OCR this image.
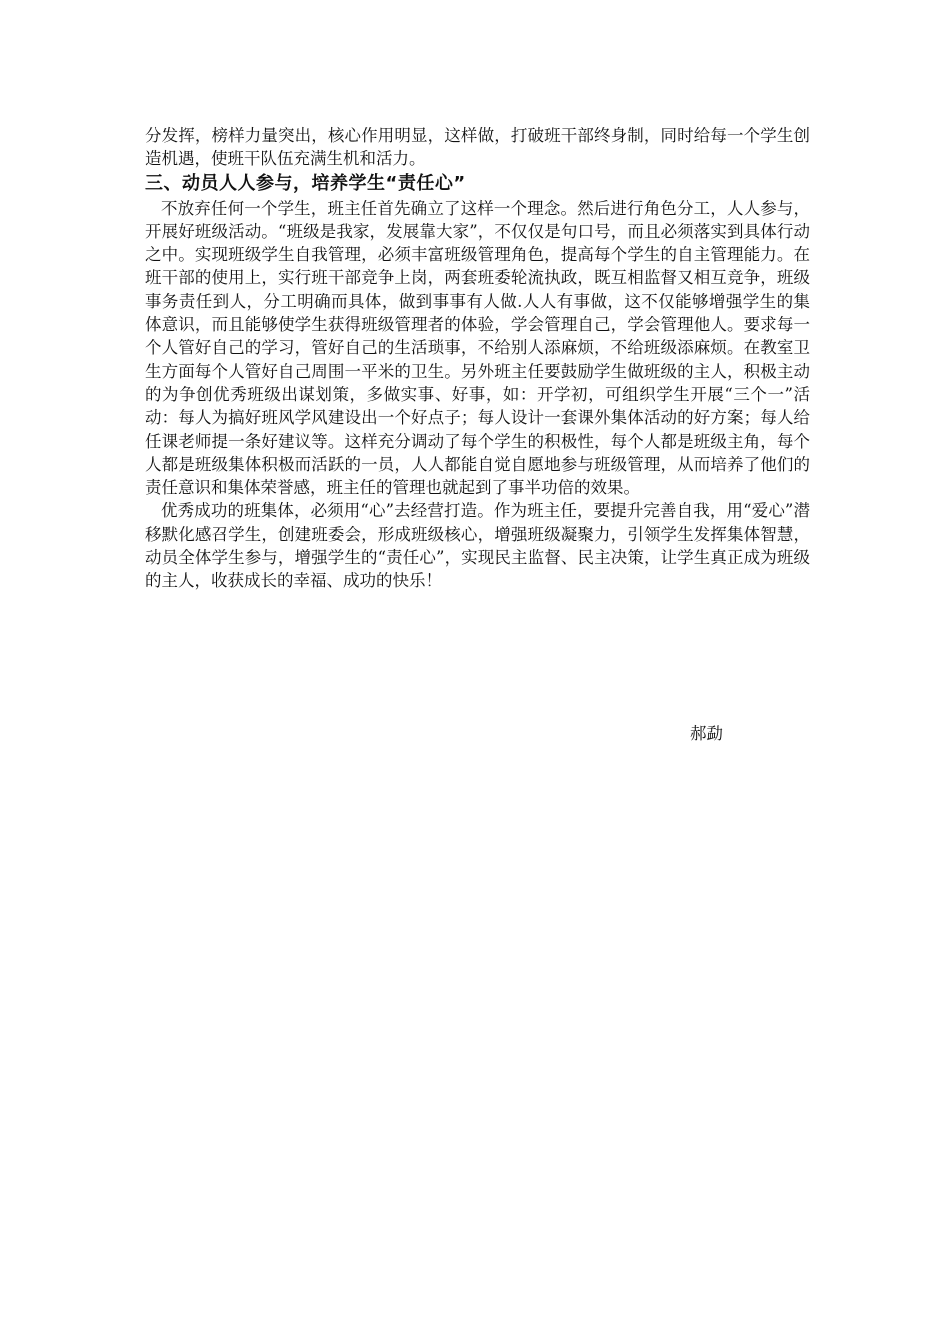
分发挥，榜样力量突出，核心作用明显，这样做，打破班干部终身制，同时给每一个学生创造机遇，使班干队伍充满生机和活力。

三、动员人人参与，培养学生“责任心”

不放弃任何一个学生，班主任首先确立了这样一个理念。然后进行角色分工，人人参与，开展好班级活动。“班级是我家，发展靠大家”，不仅仅是句口号，而且必须落实到具体行动之中。实现班级学生自我管理，必须丰富班级管理角色，提高每个学生的自主管理能力。在班干部的使用上，实行班干部竞争上岗，两套班委轮流执政，既互相监督又相互竞争，班级事务责任到人，分工明确而具体，做到事事有人做.人人有事做，这不仅能够增强学生的集体意识，而且能够使学生获得班级管理者的体验，学会管理自己，学会管理他人。要求每一个人管好自己的学习，管好自己的生活琐事，不给别人添麻烦，不给班级添麻烦。在教室卫生方面每个人管好自己周围一平米的卫生。另外班主任要鼓励学生做班级的主人，积极主动的为争创优秀班级出谋划策，多做实事、好事，如：开学初，可组织学生开展“三个一”活动：每人为搞好班风学风建设出一个好点子；每人设计一套课外集体活动的好方案；每人给任课老师提一条好建议等。这样充分调动了每个学生的积极性，每个人都是班级主角，每个人都是班级集体积极而活跃的一员，人人都能自觉自愿地参与班级管理，从而培养了他们的责任意识和集体荣誉感，班主任的管理也就起到了事半功倍的效果。

优秀成功的班集体，必须用“心”去经营打造。作为班主任，要提升完善自我，用“爱心”潜移默化感召学生，创建班委会，形成班级核心，增强班级凝聚力，引领学生发挥集体智慧，动员全体学生参与，增强学生的“责任心”，实现民主监督、民主决策，让学生真正成为班级的主人，收获成长的幸福、成功的快乐！

郝勐
